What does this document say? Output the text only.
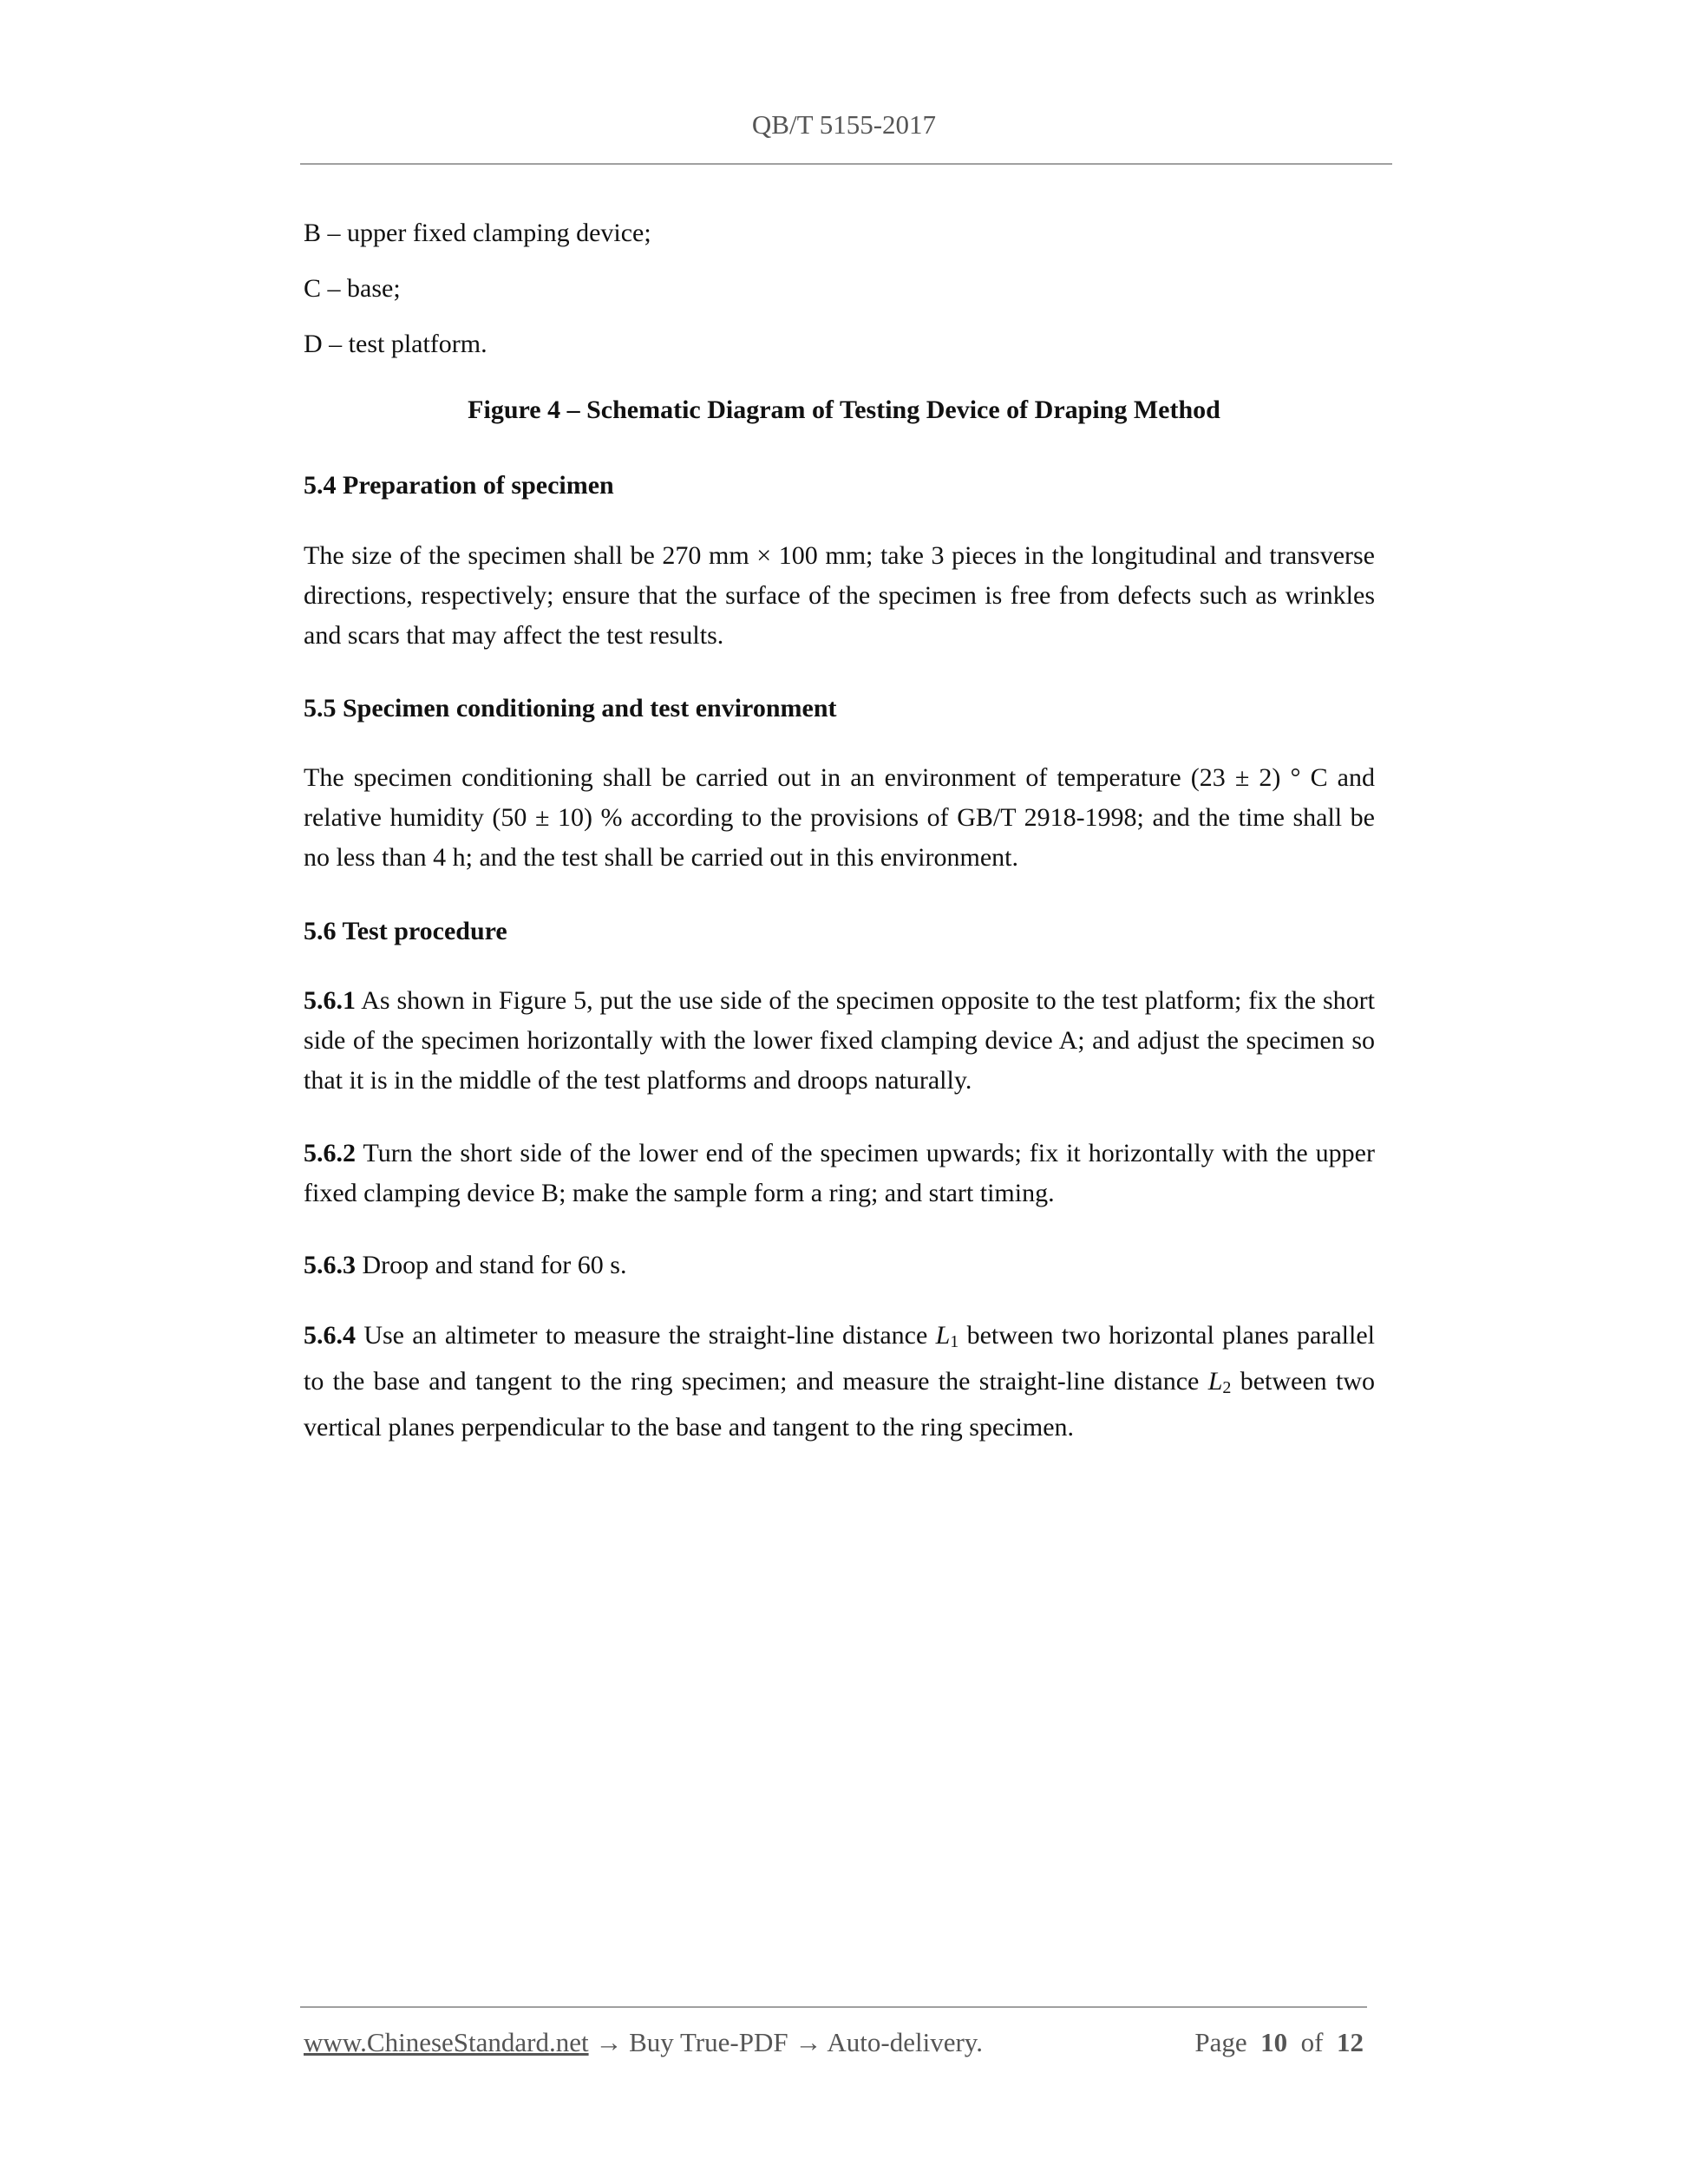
QB/T 5155-2017
B – upper fixed clamping device;
C – base;
D – test platform.
Figure 4 – Schematic Diagram of Testing Device of Draping Method
5.4 Preparation of specimen
The size of the specimen shall be 270 mm × 100 mm; take 3 pieces in the longitudinal and transverse directions, respectively; ensure that the surface of the specimen is free from defects such as wrinkles and scars that may affect the test results.
5.5 Specimen conditioning and test environment
The specimen conditioning shall be carried out in an environment of temperature (23 ± 2) ° C and relative humidity (50 ± 10) % according to the provisions of GB/T 2918-1998; and the time shall be no less than 4 h; and the test shall be carried out in this environment.
5.6 Test procedure
5.6.1 As shown in Figure 5, put the use side of the specimen opposite to the test platform; fix the short side of the specimen horizontally with the lower fixed clamping device A; and adjust the specimen so that it is in the middle of the test platforms and droops naturally.
5.6.2 Turn the short side of the lower end of the specimen upwards; fix it horizontally with the upper fixed clamping device B; make the sample form a ring; and start timing.
5.6.3 Droop and stand for 60 s.
5.6.4 Use an altimeter to measure the straight-line distance $L_1$ between two horizontal planes parallel to the base and tangent to the ring specimen; and measure the straight-line distance $L_2$ between two vertical planes perpendicular to the base and tangent to the ring specimen.
www.ChineseStandard.net → Buy True-PDF → Auto-delivery.	Page 10 of 12
